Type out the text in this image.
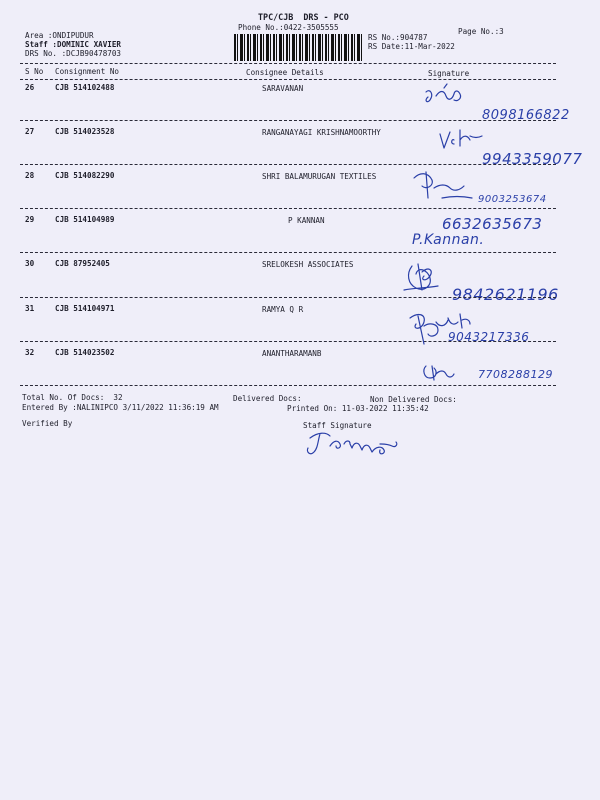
TPC/CJB  DRS - PCO
Phone No.:0422-3505555
Area :ONDIPUDUR
Staff :DOMINIC XAVIER
DRS No. :DCJB90478703
RS No.:904787
RS Date:11-Mar-2022
Page No.:3
S No Consignment No	Consignee Details	Signature
26	CJB 514102488	SARAVANAN
8098166822
27	CJB 514023528	RANGANAYAGI KRISHNAMOORTHY
9943359077
28	CJB 514082290	SHRI BALAMURUGAN TEXTILES
9003253674
29	CJB 514104989	P KANNAN	6632635673
P.Kannan.
30	CJB 87952405	SRELOKESH ASSOCIATES
9842621196
31	CJB 514104971	RAMYA Q R
9043217336
32	CJB 514023502	ANANTHARAMANB
7708288129
Total No. Of Docs:  32	Delivered Docs:	Non Delivered Docs:
Entered By :NALINIPCO 3/11/2022 11:36:19 AM	Printed On: 11-03-2022 11:35:42
Verified By	Staff Signature
